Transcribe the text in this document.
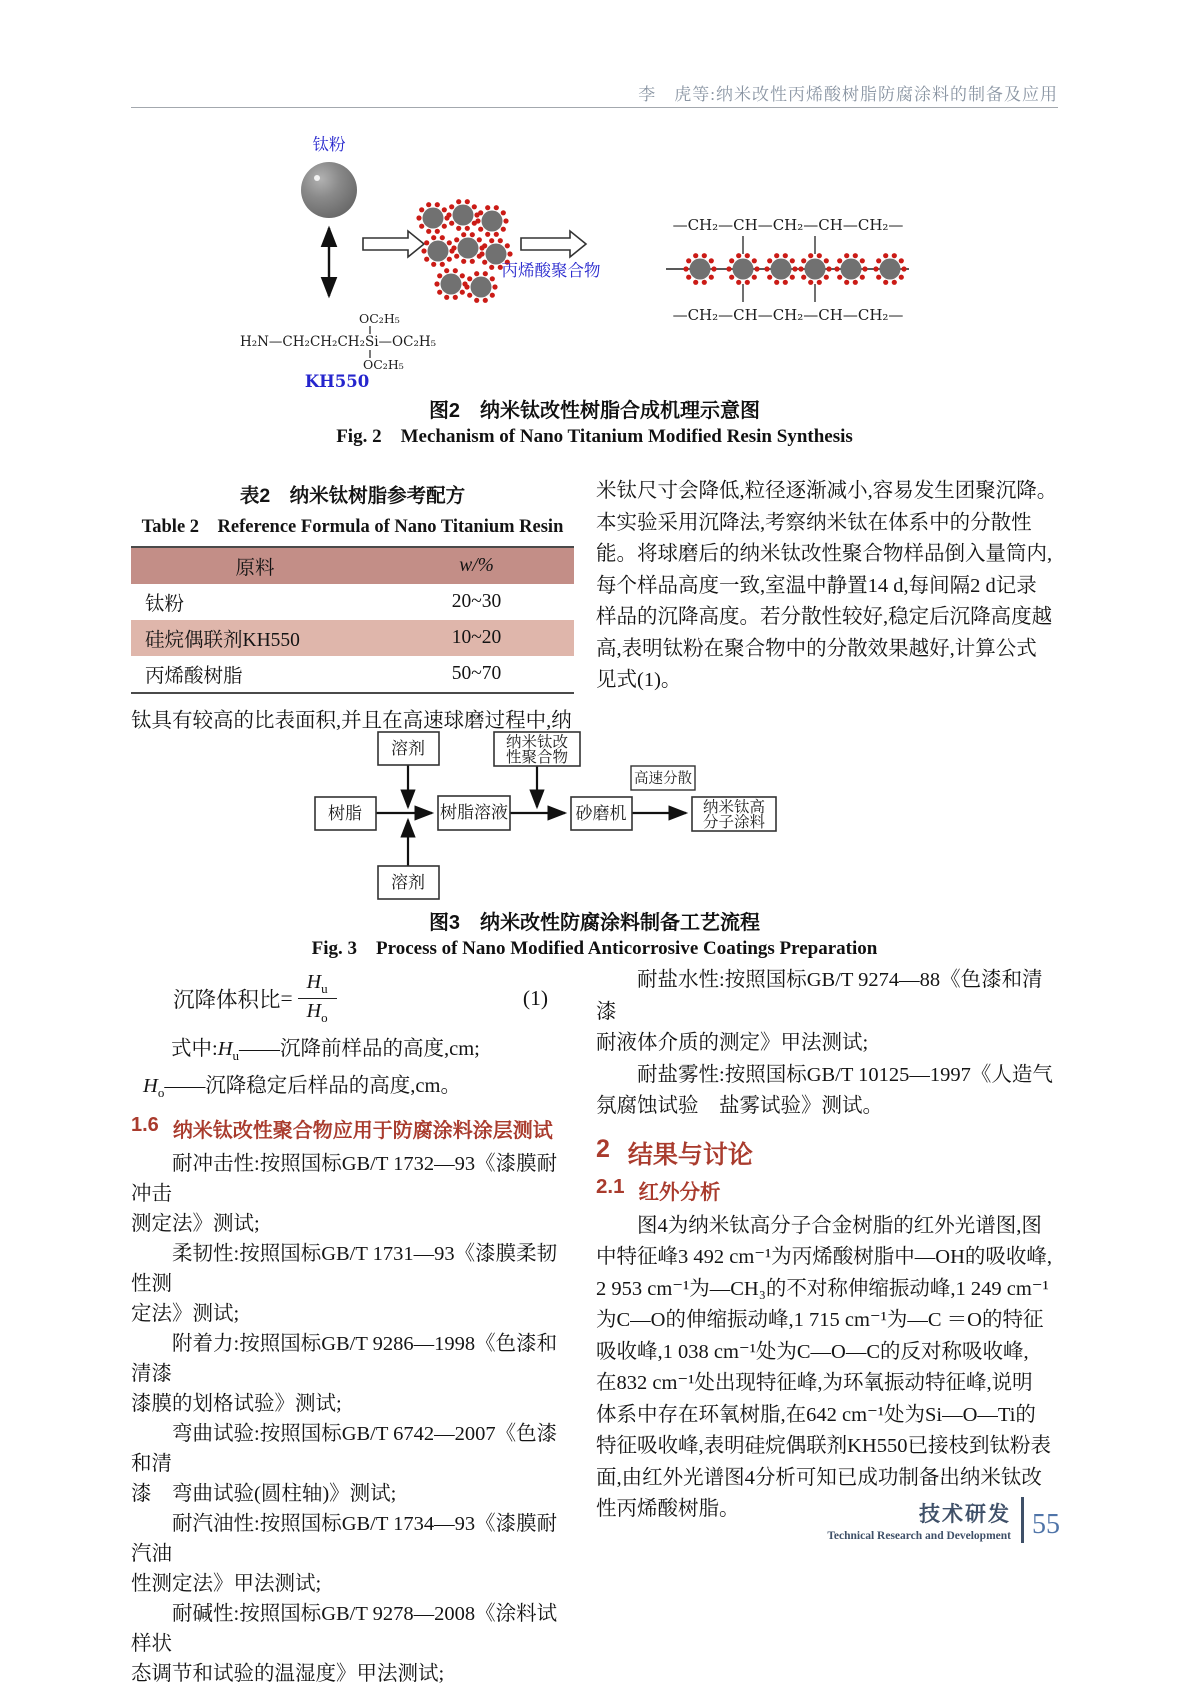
李　虎等:纳米改性丙烯酸树脂防腐涂料的制备及应用
钛粉
OC₂H₅
H₂N—CH₂CH₂CH₂Si—OC₂H₅
OC₂H₅
KH550
丙烯酸聚合物
—CH₂—CH—CH₂—CH—CH₂—
—CH₂—CH—CH₂—CH—CH₂—
图2　纳米钛改性树脂合成机理示意图
Fig. 2　Mechanism of Nano Titanium Modified Resin Synthesis
表2　纳米钛树脂参考配方
Table 2　Reference Formula of Nano Titanium Resin
原料	w/%
钛粉	20~30
硅烷偶联剂KH550	10~20
丙烯酸树脂	50~70
钛具有较高的比表面积,并且在高速球磨过程中,纳
米钛尺寸会降低,粒径逐渐减小,容易发生团聚沉降。
本实验采用沉降法,考察纳米钛在体系中的分散性
能。将球磨后的纳米钛改性聚合物样品倒入量筒内,
每个样品高度一致,室温中静置14 d,每间隔2 d记录
样品的沉降高度。若分散性较好,稳定后沉降高度越
高,表明钛粉在聚合物中的分散效果越好,计算公式
见式(1)。
溶剂	纳米钛改
性聚合物
高速分散
树脂	树脂溶液	砂磨机	纳米钛高
分子涂料
溶剂
图3　纳米改性防腐涂料制备工艺流程
Fig. 3　Process of Nano Modified Anticorrosive Coatings Preparation
沉降体积比 = $\frac{H_u}{H_o}$	(1)
式中$:H_u——$沉降前样品的高度,cm;
$H_o——$沉降稳定后样品的高度,cm。
1.6 纳米钛改性聚合物应用于防腐涂料涂层测试
　　耐冲击性:按照国标GB/T 1732—93《漆膜耐冲击
测定法》测试;
　　柔韧性:按照国标GB/T 1731—93《漆膜柔韧性测
定法》测试;
　　附着力:按照国标GB/T 9286—1998《色漆和清漆
漆膜的划格试验》测试;
　　弯曲试验:按照国标GB/T 6742—2007《色漆和清
漆　弯曲试验(圆柱轴)》测试;
　　耐汽油性:按照国标GB/T 1734—93《漆膜耐汽油
性测定法》甲法测试;
　　耐碱性:按照国标GB/T 9278—2008《涂料试样状
态调节和试验的温湿度》甲法测试;
　　耐盐水性:按照国标GB/T 9274—88《色漆和清漆
耐液体介质的测定》甲法测试;
　　耐盐雾性:按照国标GB/T 10125—1997《人造气
氛腐蚀试验　盐雾试验》测试。
2 结果与讨论
2.1 红外分析
　　图4为纳米钛高分子合金树脂的红外光谱图,图
中特征峰3 492 cm⁻¹为丙烯酸树脂中—OH的吸收峰,
2 953 cm⁻¹为—CH₃的不对称伸缩振动峰,1 249 cm⁻¹
为C—O的伸缩振动峰,1 715 cm⁻¹为—C ＝O的特征
吸收峰,1 038 cm⁻¹处为C—O—C的反对称吸收峰,
在832 cm⁻¹处出现特征峰,为环氧振动特征峰,说明
体系中存在环氧树脂,在642 cm⁻¹处为Si—O—Ti的
特征吸收峰,表明硅烷偶联剂KH550已接枝到钛粉表
面,由红外光谱图4分析可知已成功制备出纳米钛改
性丙烯酸树脂。	技术研发
Technical Research and Development 55
